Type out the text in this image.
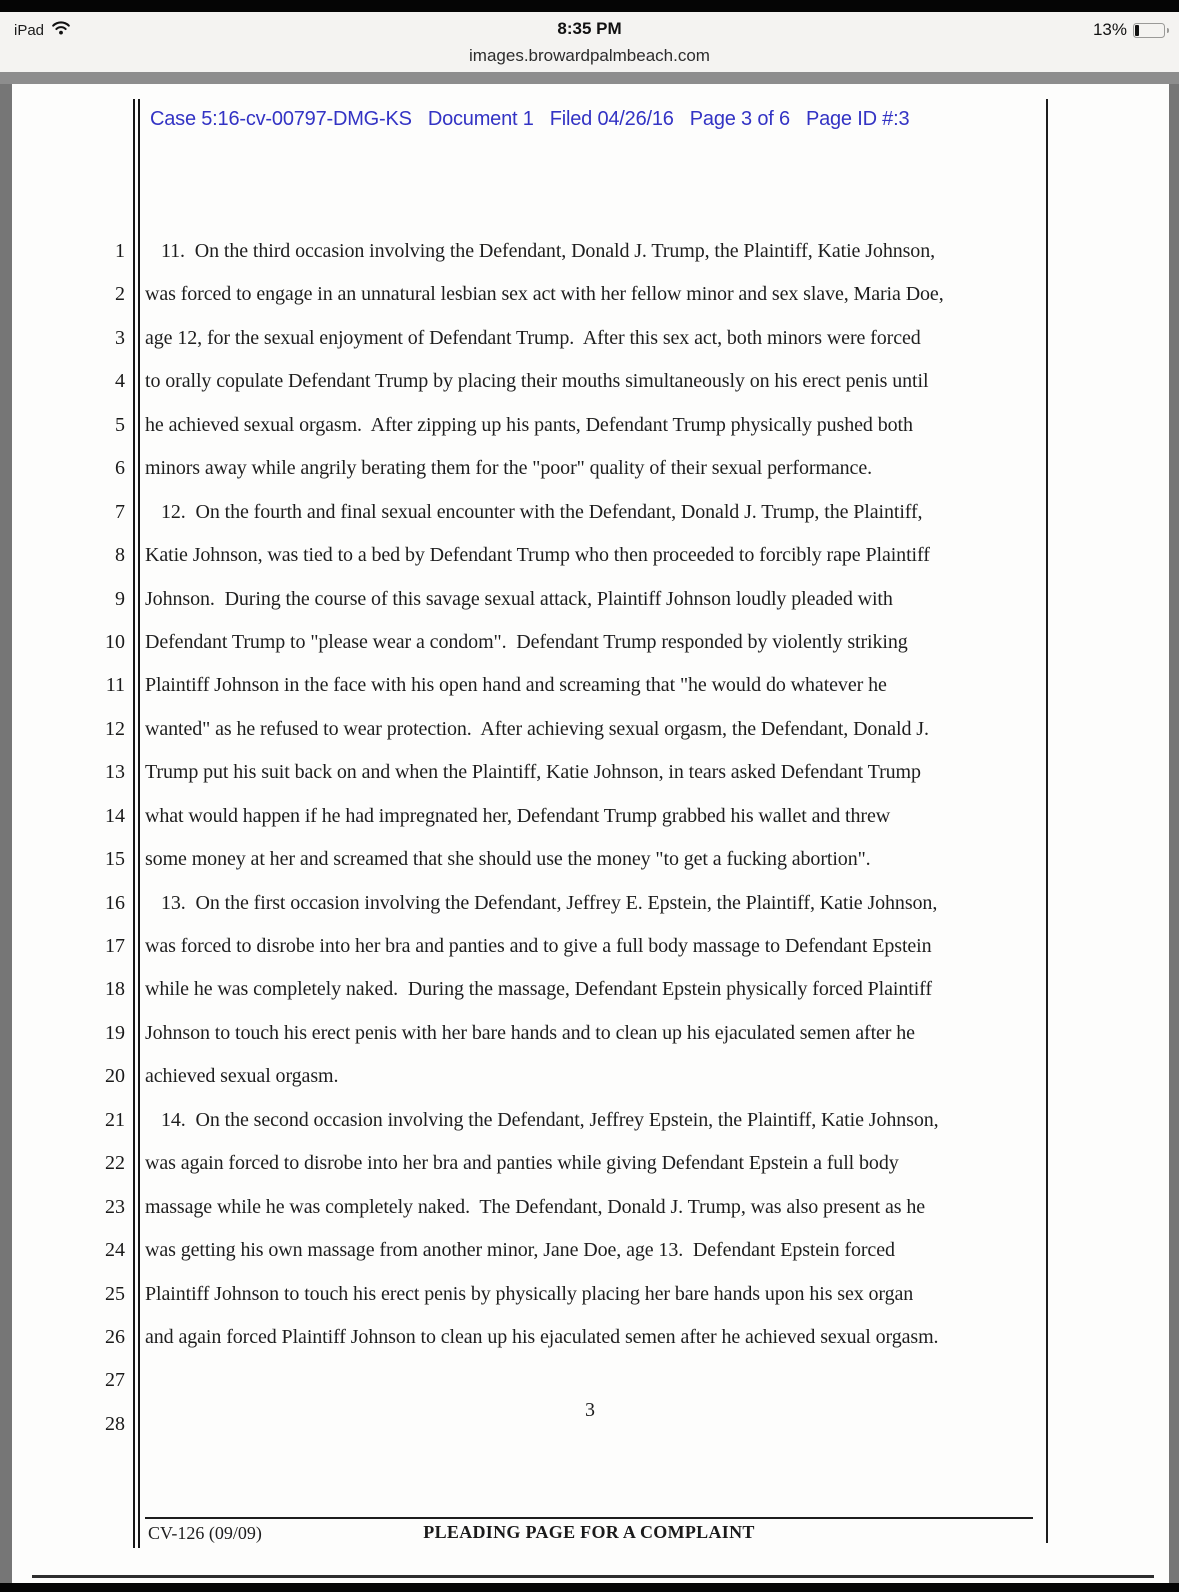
iPad	8:35 PM	13%
images.browardpalmbeach.com
Case 5:16-cv-00797-DMG-KS   Document 1   Filed 04/26/16   Page 3 of 6   Page ID #:3
1
2
3
4
5
6
7
8
9
10
11
12
13
14
15
16
17
18
19
20
21
22
23
24
25
26
27
28
11.  On the third occasion involving the Defendant, Donald J. Trump, the Plaintiff, Katie Johnson,
was forced to engage in an unnatural lesbian sex act with her fellow minor and sex slave, Maria Doe,
age 12, for the sexual enjoyment of Defendant Trump.  After this sex act, both minors were forced
to orally copulate Defendant Trump by placing their mouths simultaneously on his erect penis until
he achieved sexual orgasm.  After zipping up his pants, Defendant Trump physically pushed both
minors away while angrily berating them for the "poor" quality of their sexual performance.
12.  On the fourth and final sexual encounter with the Defendant, Donald J. Trump, the Plaintiff,
Katie Johnson, was tied to a bed by Defendant Trump who then proceeded to forcibly rape Plaintiff
Johnson.  During the course of this savage sexual attack, Plaintiff Johnson loudly pleaded with
Defendant Trump to "please wear a condom".  Defendant Trump responded by violently striking
Plaintiff Johnson in the face with his open hand and screaming that "he would do whatever he
wanted" as he refused to wear protection.  After achieving sexual orgasm, the Defendant, Donald J.
Trump put his suit back on and when the Plaintiff, Katie Johnson, in tears asked Defendant Trump
what would happen if he had impregnated her, Defendant Trump grabbed his wallet and threw
some money at her and screamed that she should use the money "to get a fucking abortion".
13.  On the first occasion involving the Defendant, Jeffrey E. Epstein, the Plaintiff, Katie Johnson,
was forced to disrobe into her bra and panties and to give a full body massage to Defendant Epstein
while he was completely naked.  During the massage, Defendant Epstein physically forced Plaintiff
Johnson to touch his erect penis with her bare hands and to clean up his ejaculated semen after he
achieved sexual orgasm.
14.  On the second occasion involving the Defendant, Jeffrey Epstein, the Plaintiff, Katie Johnson,
was again forced to disrobe into her bra and panties while giving Defendant Epstein a full body
massage while he was completely naked.  The Defendant, Donald J. Trump, was also present as he
was getting his own massage from another minor, Jane Doe, age 13.  Defendant Epstein forced
Plaintiff Johnson to touch his erect penis by physically placing her bare hands upon his sex organ
and again forced Plaintiff Johnson to clean up his ejaculated semen after he achieved sexual orgasm.
3
CV-126 (09/09)	PLEADING PAGE FOR A COMPLAINT
